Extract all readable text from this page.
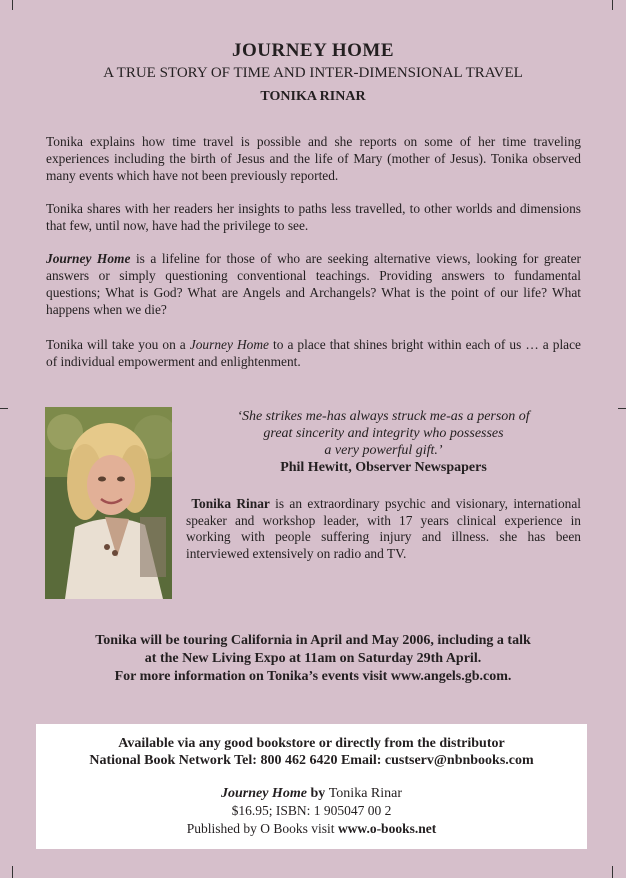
JOURNEY HOME
A TRUE STORY OF TIME AND INTER-DIMENSIONAL TRAVEL
TONIKA RINAR
Tonika explains how time travel is possible and she reports on some of her time traveling experiences including the birth of Jesus and the life of Mary (mother of Jesus). Tonika observed many events which have not been previously reported.
Tonika shares with her readers her insights to paths less travelled, to other worlds and dimensions that few, until now, have had the privilege to see.
Journey Home is a lifeline for those of who are seeking alternative views, looking for greater answers or simply questioning conventional teachings. Providing answers to fundamental questions; What is God? What are Angels and Archangels? What is the point of our life? What happens when we die?
Tonika will take you on a Journey Home to a place that shines bright within each of us … a place of individual empowerment and enlightenment.
‘She strikes me-has always struck me-as a person of
great sincerity and integrity who possesses
a very powerful gift.’
Phil Hewitt, Observer Newspapers
Tonika Rinar is an extraordinary psychic and visionary, international speaker and workshop leader, with 17 years clinical experience in working with people suffering injury and illness. she has been interviewed extensively on radio and TV.
Tonika will be touring California in April and May 2006, including a talk
at the New Living Expo at 11am on Saturday 29th April.
For more information on Tonika’s events visit www.angels.gb.com.
Available via any good bookstore or directly from the distributor
National Book Network Tel: 800 462 6420 Email: custserv@nbnbooks.com
Journey Home by Tonika Rinar
$16.95; ISBN: 1 905047 00 2
Published by O Books visit www.o-books.net
